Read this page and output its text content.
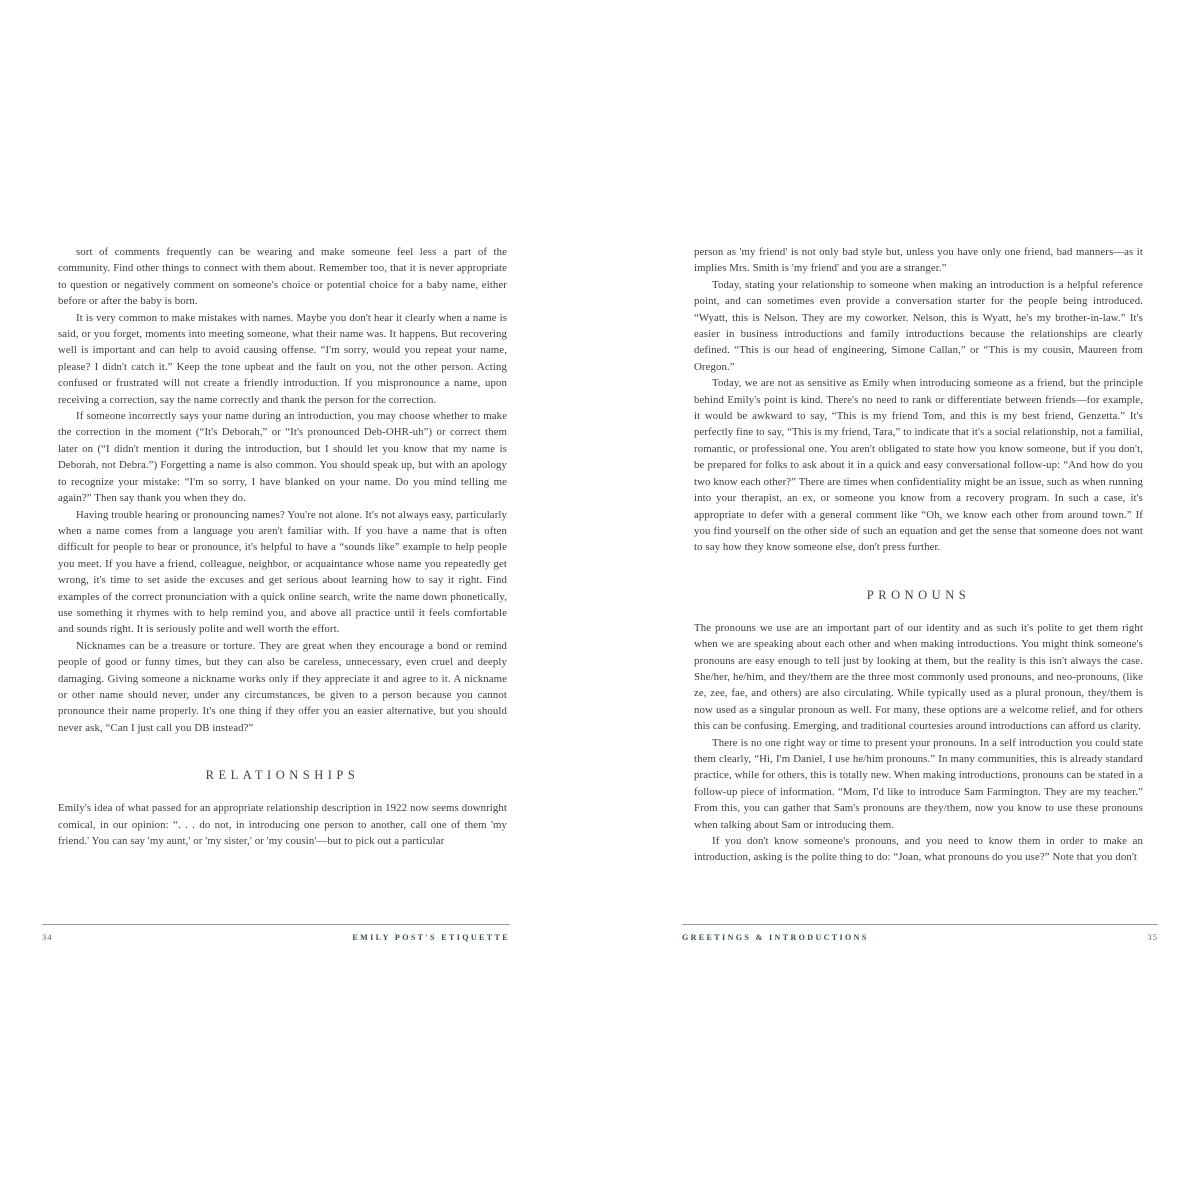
sort of comments frequently can be wearing and make someone feel less a part of the community. Find other things to connect with them about. Remember too, that it is never appropriate to question or negatively comment on someone's choice or potential choice for a baby name, either before or after the baby is born.

It is very common to make mistakes with names. Maybe you don't hear it clearly when a name is said, or you forget, moments into meeting someone, what their name was. It happens. But recovering well is important and can help to avoid causing offense. “I'm sorry, would you repeat your name, please? I didn't catch it.” Keep the tone upbeat and the fault on you, not the other person. Acting confused or frustrated will not create a friendly introduction. If you mispronounce a name, upon receiving a correction, say the name correctly and thank the person for the correction.

If someone incorrectly says your name during an introduction, you may choose whether to make the correction in the moment (“It's Deborah,” or “It's pronounced Deb-OHR-uh”) or correct them later on (“I didn't mention it during the introduction, but I should let you know that my name is Deborah, not Debra.”) Forgetting a name is also common. You should speak up, but with an apology to recognize your mistake: “I'm so sorry, I have blanked on your name. Do you mind telling me again?” Then say thank you when they do.

Having trouble hearing or pronouncing names? You're not alone. It's not always easy, particularly when a name comes from a language you aren't familiar with. If you have a name that is often difficult for people to hear or pronounce, it's helpful to have a “sounds like” example to help people you meet. If you have a friend, colleague, neighbor, or acquaintance whose name you repeatedly get wrong, it's time to set aside the excuses and get serious about learning how to say it right. Find examples of the correct pronunciation with a quick online search, write the name down phonetically, use something it rhymes with to help remind you, and above all practice until it feels comfortable and sounds right. It is seriously polite and well worth the effort.

Nicknames can be a treasure or torture. They are great when they encourage a bond or remind people of good or funny times, but they can also be careless, unnecessary, even cruel and deeply damaging. Giving someone a nickname works only if they appreciate it and agree to it. A nickname or other name should never, under any circumstances, be given to a person because you cannot pronounce their name properly. It's one thing if they offer you an easier alternative, but you should never ask, “Can I just call you DB instead?”

RELATIONSHIPS

Emily's idea of what passed for an appropriate relationship description in 1922 now seems downright comical, in our opinion: “. . . do not, in introducing one person to another, call one of them 'my friend.' You can say 'my aunt,' or 'my sister,' or 'my cousin'—but to pick out a particular

person as 'my friend' is not only bad style but, unless you have only one friend, bad manners—as it implies Mrs. Smith is 'my friend' and you are a stranger.”

Today, stating your relationship to someone when making an introduction is a helpful reference point, and can sometimes even provide a conversation starter for the people being introduced. “Wyatt, this is Nelson. They are my coworker. Nelson, this is Wyatt, he's my brother-in-law.” It's easier in business introductions and family introductions because the relationships are clearly defined. “This is our head of engineering, Simone Callan,” or “This is my cousin, Maureen from Oregon.”

Today, we are not as sensitive as Emily when introducing someone as a friend, but the principle behind Emily's point is kind. There's no need to rank or differentiate between friends—for example, it would be awkward to say, “This is my friend Tom, and this is my best friend, Genzetta.” It's perfectly fine to say, “This is my friend, Tara,” to indicate that it's a social relationship, not a familial, romantic, or professional one. You aren't obligated to state how you know someone, but if you don't, be prepared for folks to ask about it in a quick and easy conversational follow-up: “And how do you two know each other?” There are times when confidentiality might be an issue, such as when running into your therapist, an ex, or someone you know from a recovery program. In such a case, it's appropriate to defer with a general comment like “Oh, we know each other from around town.” If you find yourself on the other side of such an equation and get the sense that someone does not want to say how they know someone else, don't press further.

PRONOUNS

The pronouns we use are an important part of our identity and as such it's polite to get them right when we are speaking about each other and when making introductions. You might think someone's pronouns are easy enough to tell just by looking at them, but the reality is this isn't always the case. She/her, he/him, and they/them are the three most commonly used pronouns, and neo-pronouns, (like ze, zee, fae, and others) are also circulating. While typically used as a plural pronoun, they/them is now used as a singular pronoun as well. For many, these options are a welcome relief, and for others this can be confusing. Emerging, and traditional courtesies around introductions can afford us clarity.

There is no one right way or time to present your pronouns. In a self introduction you could state them clearly, “Hi, I'm Daniel, I use he/him pronouns.” In many communities, this is already standard practice, while for others, this is totally new. When making introductions, pronouns can be stated in a follow-up piece of information. “Mom, I'd like to introduce Sam Farmington. They are my teacher.” From this, you can gather that Sam's pronouns are they/them, now you know to use these pronouns when talking about Sam or introducing them.

If you don't know someone's pronouns, and you need to know them in order to make an introduction, asking is the polite thing to do: “Joan, what pronouns do you use?” Note that you don't

34	EMILY POST'S ETIQUETTE	GREETINGS & INTRODUCTIONS	35
